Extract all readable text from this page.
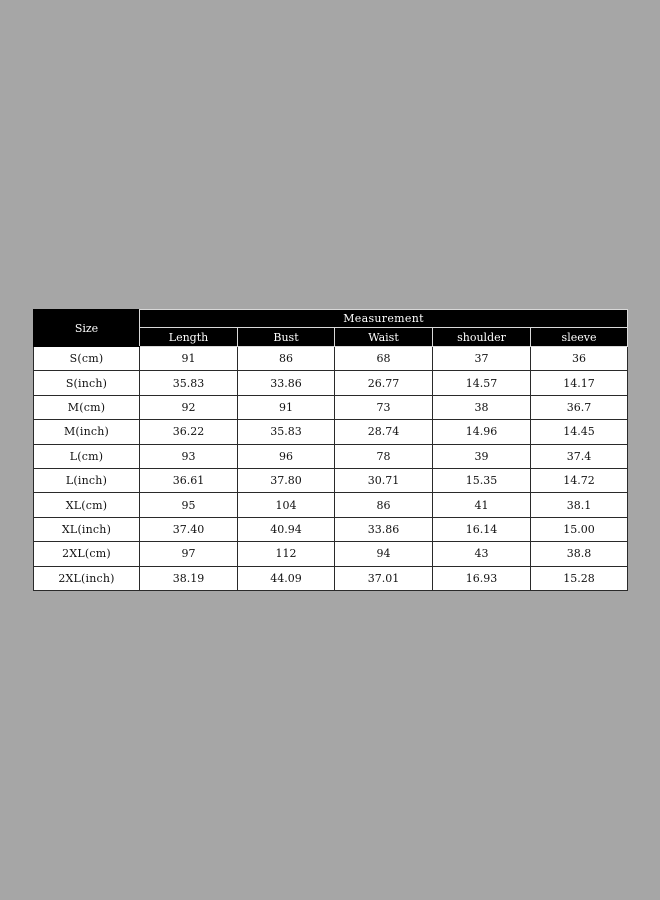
Size	Measurement				
	Length	Bust	Waist	shoulder	sleeve
S(cm)	91	86	68	37	36
S(inch)	35.83	33.86	26.77	14.57	14.17
M(cm)	92	91	73	38	36.7
M(inch)	36.22	35.83	28.74	14.96	14.45
L(cm)	93	96	78	39	37.4
L(inch)	36.61	37.80	30.71	15.35	14.72
XL(cm)	95	104	86	41	38.1
XL(inch)	37.40	40.94	33.86	16.14	15.00
2XL(cm)	97	112	94	43	38.8
2XL(inch)	38.19	44.09	37.01	16.93	15.28
